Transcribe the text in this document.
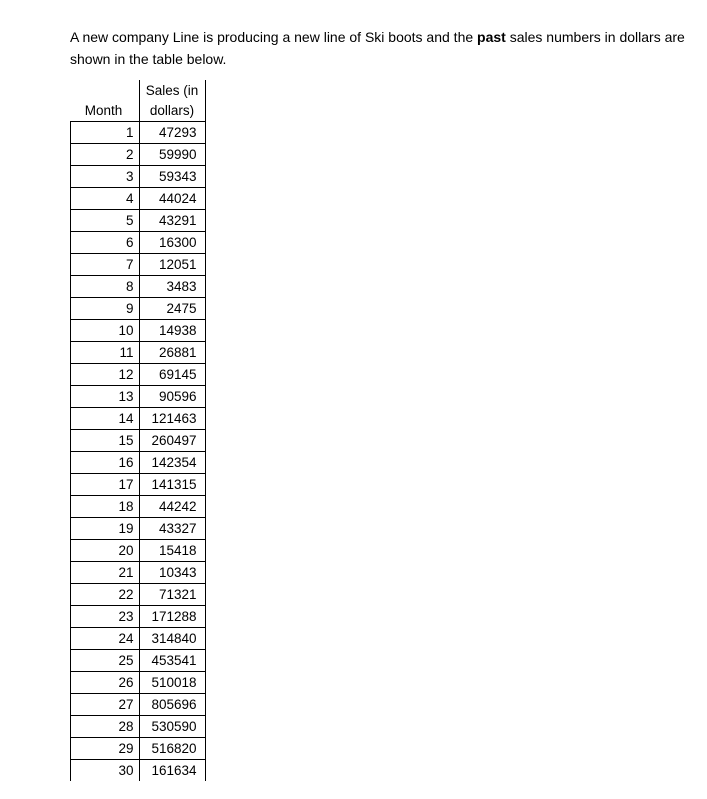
A new company Line is producing a new line of Ski boots and the past sales numbers in dollars are shown in the table below.

Month	Sales (in
dollars)
1	47293
2	59990
3	59343
4	44024
5	43291
6	16300
7	12051
8	3483
9	2475
10	14938
11	26881
12	69145
13	90596
14	121463
15	260497
16	142354
17	141315
18	44242
19	43327
20	15418
21	10343
22	71321
23	171288
24	314840
25	453541
26	510018
27	805696
28	530590
29	516820
30	161634
